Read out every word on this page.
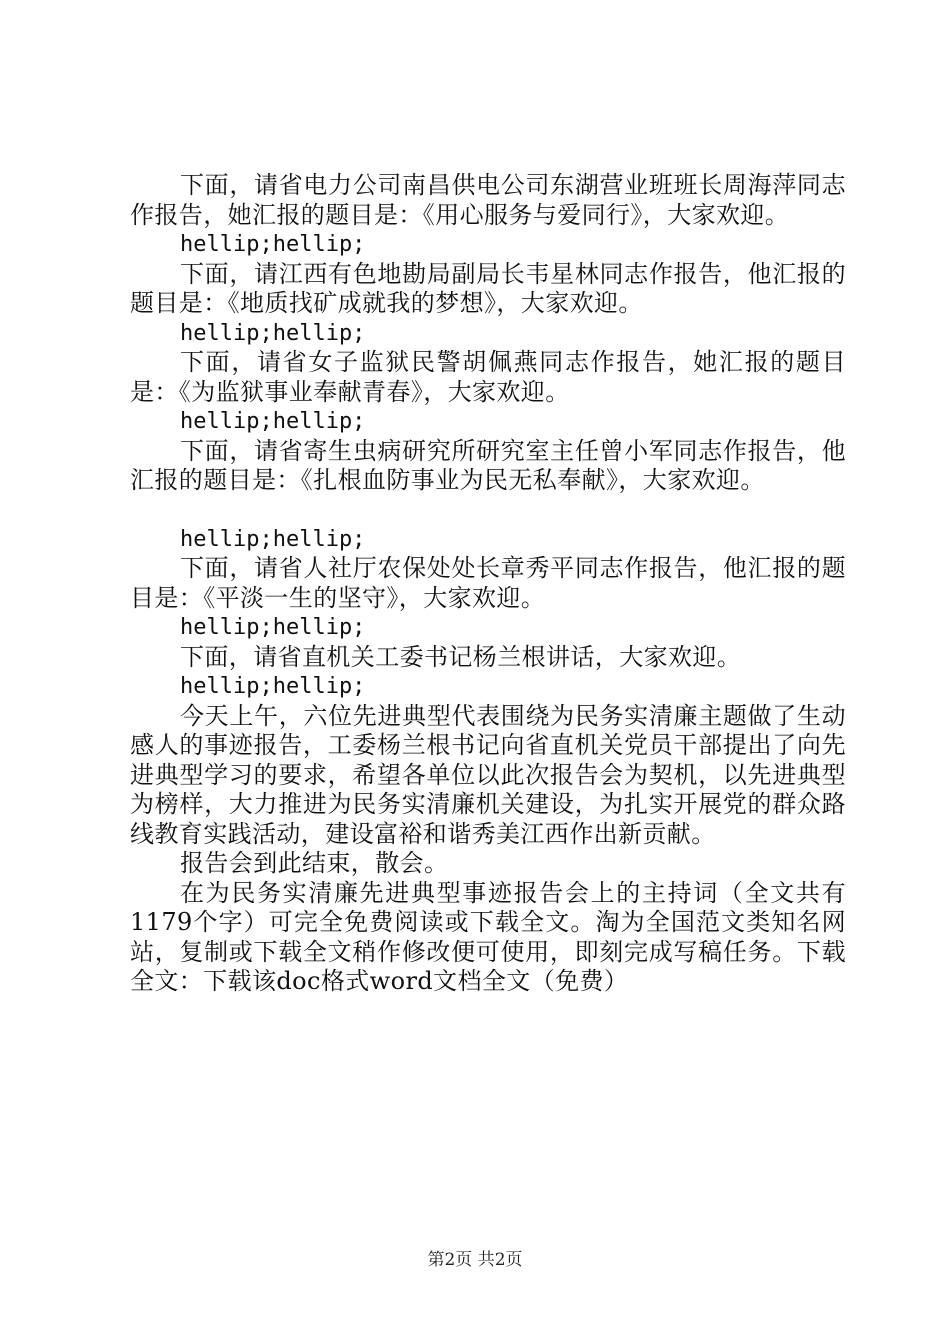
下面，请省电力公司南昌供电公司东湖营业班班长周海萍同志作报告，她汇报的题目是：《用心服务与爱同行》，大家欢迎。

hellip;hellip;

下面，请江西有色地勘局副局长韦星林同志作报告，他汇报的题目是：《地质找矿成就我的梦想》，大家欢迎。

hellip;hellip;

下面，请省女子监狱民警胡佩燕同志作报告，她汇报的题目是：《为监狱事业奉献青春》，大家欢迎。

hellip;hellip;

下面，请省寄生虫病研究所研究室主任曾小军同志作报告，他汇报的题目是：《扎根血防事业为民无私奉献》，大家欢迎。

hellip;hellip;

下面，请省人社厅农保处处长章秀平同志作报告，他汇报的题目是：《平淡一生的坚守》，大家欢迎。

hellip;hellip;

下面，请省直机关工委书记杨兰根讲话，大家欢迎。

hellip;hellip;

今天上午，六位先进典型代表围绕为民务实清廉主题做了生动感人的事迹报告，工委杨兰根书记向省直机关党员干部提出了向先进典型学习的要求，希望各单位以此次报告会为契机，以先进典型为榜样，大力推进为民务实清廉机关建设，为扎实开展党的群众路线教育实践活动，建设富裕和谐秀美江西作出新贡献。

报告会到此结束，散会。

在为民务实清廉先进典型事迹报告会上的主持词（全文共有1179个字）可完全免费阅读或下载全文。淘为全国范文类知名网站，复制或下载全文稍作修改便可使用，即刻完成写稿任务。下载全文：下载该doc格式word文档全文（免费）

第2页 共2页
